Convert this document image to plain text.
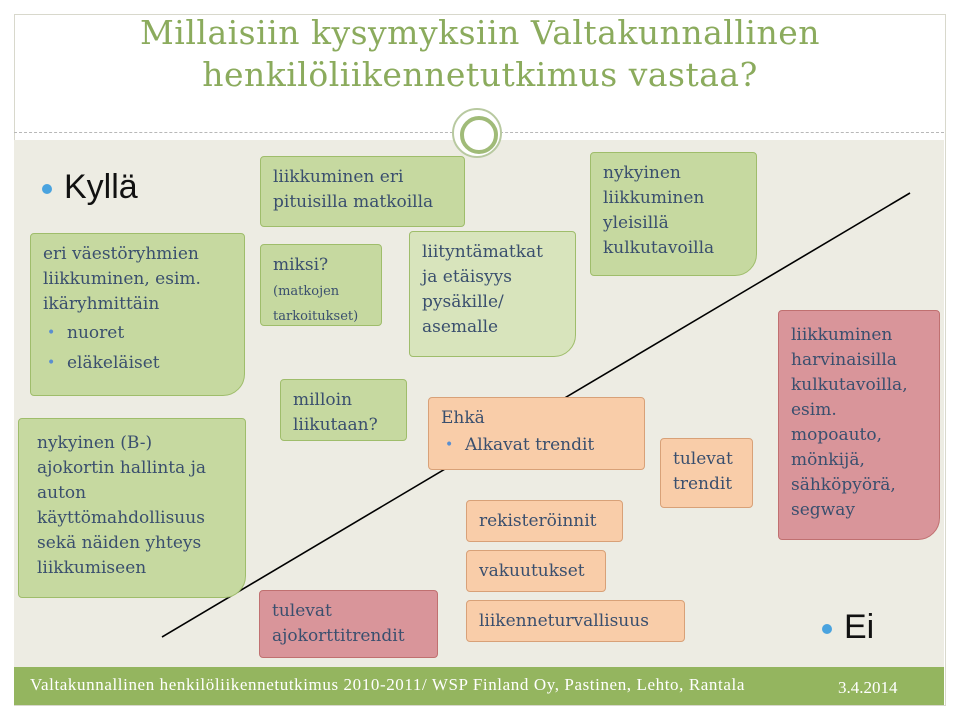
Millaisiin kysymyksiin Valtakunnallinen
henkilöliikennetutkimus vastaa?
Kyllä
eri väestöryhmien liikkuminen, esim. ikäryhmittäin
• nuoret
• eläkeläiset
nykyinen (B-) ajokortin hallinta ja auton käyttömahdollisuus sekä näiden yhteys liikkumiseen
liikkuminen eri pituisilla matkoilla
miksi?
(matkojen tarkoitukset)
milloin liikutaan?
tulevat ajokorttitrendit
liityntämatkat ja etäisyys pysäkille/ asemalle
nykyinen liikkuminen yleisillä kulkutavoilla
Ehkä
• Alkavat trendit
rekisteröinnit
vakuutukset
liikenneturvallisuus
tulevat trendit
liikkuminen harvinaisilla kulkutavoilla, esim. mopoauto, mönkijä, sähköpyörä, segway
Ei
Valtakunnallinen henkilöliikennetutkimus 2010-2011/ WSP Finland Oy, Pastinen, Lehto, Rantala	3.4.2014
